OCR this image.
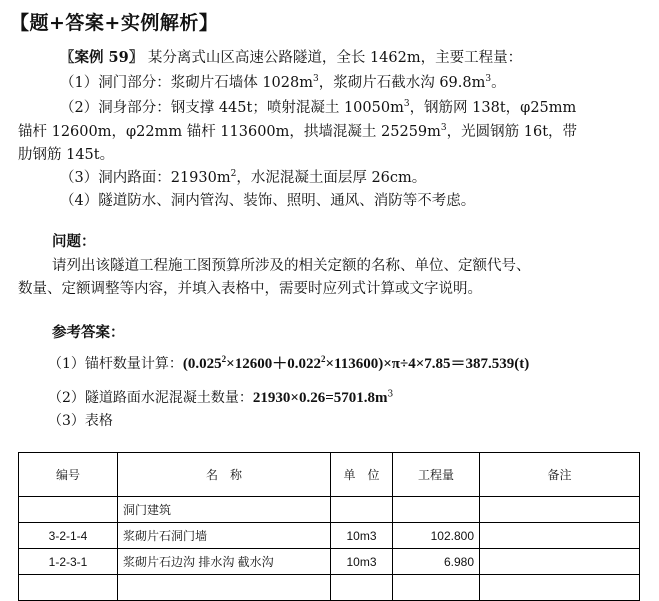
【题+答案+实例解析】
〖案例 59〗 某分离式山区高速公路隧道，全长 1462m，主要工程量：
（1）洞门部分：浆砌片石墙体 $1028m^3$，浆砌片石截水沟 $69.8m^3$。
（2）洞身部分：钢支撑 445t；喷射混凝土 $10050m^3$，钢筋网 138t，φ25mm
锚杆 12600m，φ22mm 锚杆 113600m，拱墙混凝土 $25259m^3$，光圆钢筋 16t，带
肋钢筋 145t。
（3）洞内路面：$21930m^2$，水泥混凝土面层厚 26cm。
（4）隧道防水、洞内管沟、装饰、照明、通风、消防等不考虑。
问题：
请列出该隧道工程施工图预算所涉及的相关定额的名称、单位、定额代号、
数量、定额调整等内容，并填入表格中，需要时应列式计算或文字说明。
参考答案：
（1）锚杆数量计算：$(0.025^2\times 12600+0.022^2\times 113600)\times\pi\div 4\times 7.85=387.539(t)$
（2）隧道路面水泥混凝土数量：$21930\times 0.26=5701.8m^3$
（3）表格
编号	名　称	单　位	工程量	备注
	洞门建筑			
3-2-1-4	浆砌片石洞门墙	10m3	102.800	
1-2-3-1	浆砌片石边沟 排水沟 截水沟	10m3	6.980	
